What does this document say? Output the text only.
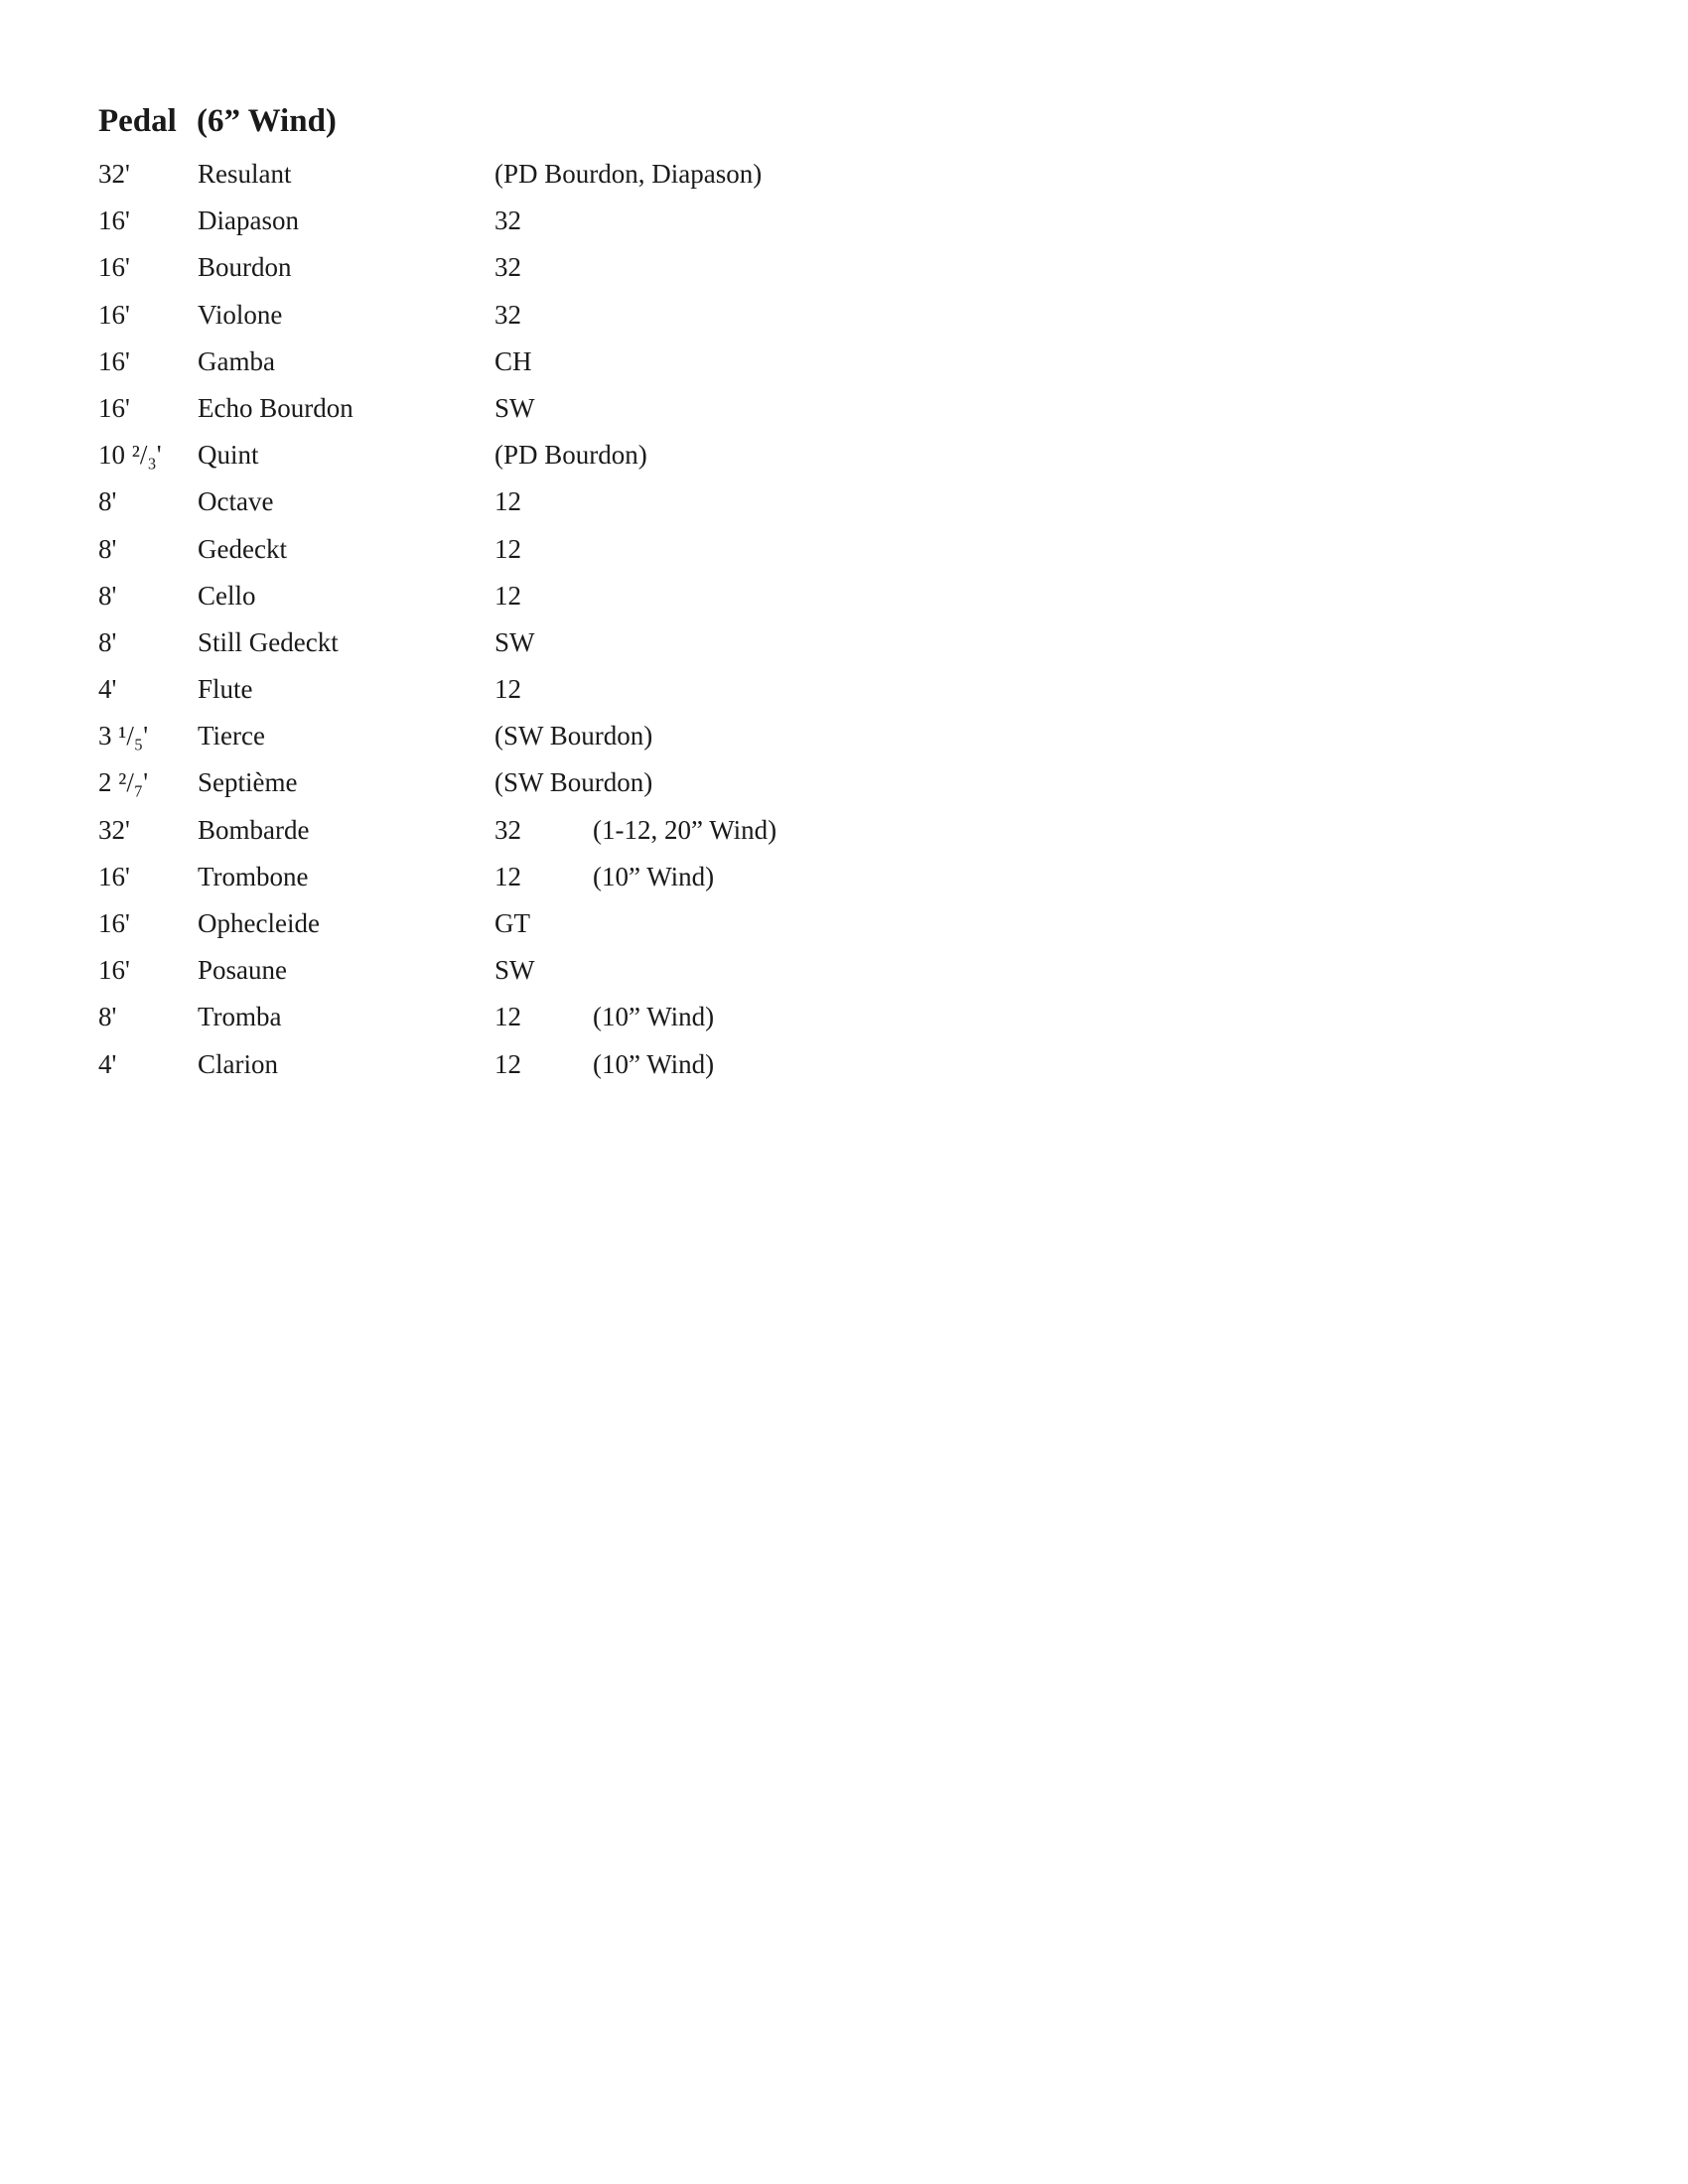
Pedal (6” Wind)
32'	Resulant	(PD Bourdon, Diapason)
16'	Diapason	32
16'	Bourdon	32
16'	Violone	32
16'	Gamba	CH
16'	Echo Bourdon	SW
10 ²/₃' Quint	(PD Bourdon)
8'	Octave	12
8'	Gedeckt	12
8'	Cello	12
8'	Still Gedeckt	SW
4'	Flute	12
3 ¹/₅' Tierce	(SW Bourdon)
2 ²/₇' Septième	(SW Bourdon)
32'	Bombarde	32	(1-12, 20” Wind)
16'	Trombone	12	(10” Wind)
16'	Ophecleide	GT
16'	Posaune	SW
8'	Tromba	12	(10” Wind)
4'	Clarion	12	(10” Wind)
